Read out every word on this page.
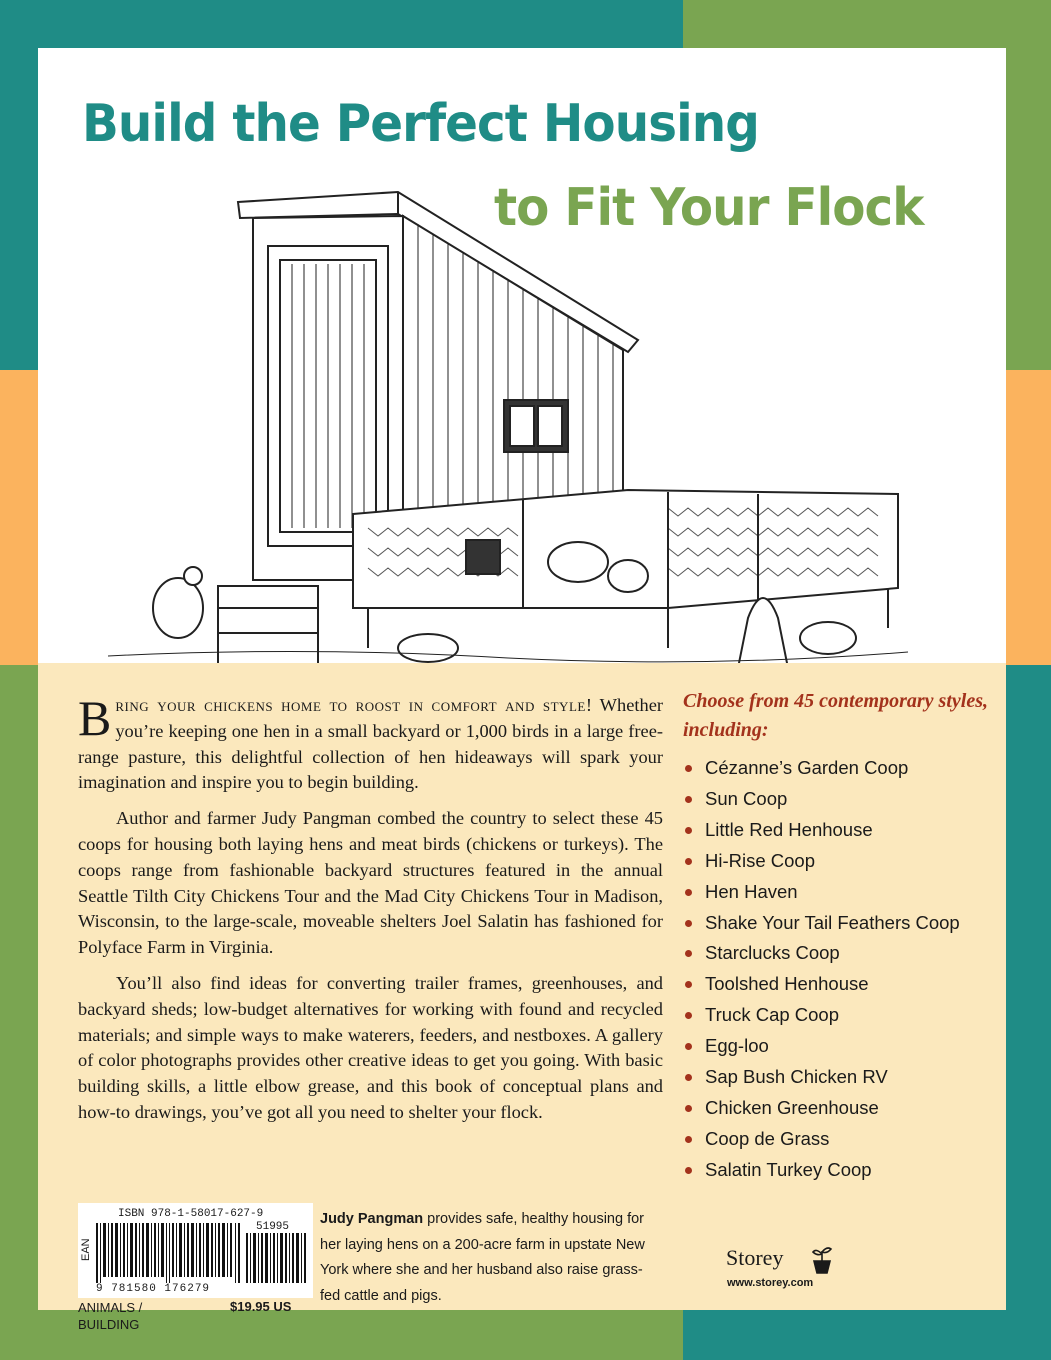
Build the Perfect Housing
to Fit Your Flock

Bring your chickens home to roost in comfort and style! Whether you’re keeping one hen in a small backyard or 1,000 birds in a large free-range pasture, this delightful collection of hen hideaways will spark your imagination and inspire you to begin building.

Author and farmer Judy Pangman combed the country to select these 45 coops for housing both laying hens and meat birds (chickens or turkeys). The coops range from fashionable backyard structures featured in the annual Seattle Tilth City Chickens Tour and the Mad City Chickens Tour in Madison, Wisconsin, to the large-scale, moveable shelters Joel Salatin has fashioned for Polyface Farm in Virginia.

You’ll also find ideas for converting trailer frames, greenhouses, and backyard sheds; low-budget alternatives for working with found and recycled materials; and simple ways to make waterers, feeders, and nestboxes. A gallery of color photographs provides other creative ideas to get you going. With basic building skills, a little elbow grease, and this book of conceptual plans and how-to drawings, you’ve got all you need to shelter your flock.

Choose from 45 contemporary styles, including:
Cézanne’s Garden Coop
Sun Coop
Little Red Henhouse
Hi-Rise Coop
Hen Haven
Shake Your Tail Feathers Coop
Starclucks Coop
Toolshed Henhouse
Truck Cap Coop
Egg-loo
Sap Bush Chicken RV
Chicken Greenhouse
Coop de Grass
Salatin Turkey Coop
ISBN 978-1-58017-627-9
EAN
51995
9 781580 176279
ANIMALS /
BUILDING
$19.95 US
Judy Pangman provides safe, healthy housing for her laying hens on a 200-acre farm in upstate New York where she and her husband also raise grass-fed cattle and pigs.
Storey
www.storey.com
